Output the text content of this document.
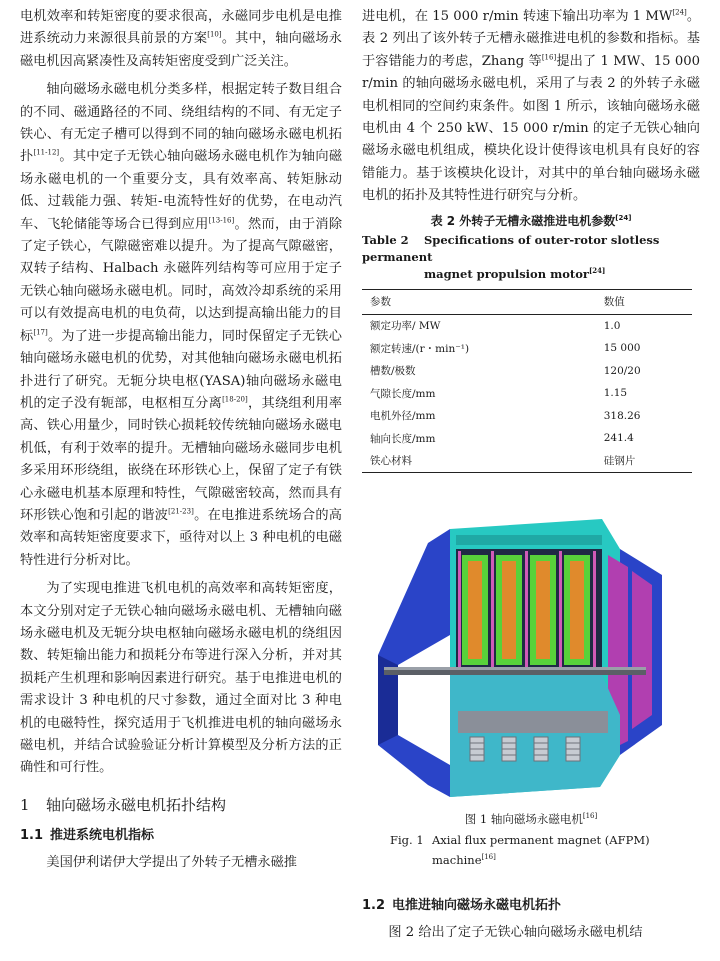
电机效率和转矩密度的要求很高，永磁同步电机是电推进系统动力来源很具前景的方案[10]。其中，轴向磁场永磁电机因高紧凑性及高转矩密度受到广泛关注。

轴向磁场永磁电机分类多样，根据定转子数目组合的不同、磁通路径的不同、绕组结构的不同、有无定子铁心、有无定子槽可以得到不同的轴向磁场永磁电机拓扑[11-12]。其中定子无铁心轴向磁场永磁电机作为轴向磁场永磁电机的一个重要分支，具有效率高、转矩脉动低、过载能力强、转矩-电流特性好的优势，在电动汽车、飞轮储能等场合已得到应用[13-16]。然而，由于消除了定子铁心，气隙磁密难以提升。为了提高气隙磁密，双转子结构、Halbach 永磁阵列结构等可应用于定子无铁心轴向磁场永磁电机。同时，高效冷却系统的采用可以有效提高电机的电负荷，以达到提高输出能力的目标[17]。为了进一步提高输出能力，同时保留定子无铁心轴向磁场永磁电机的优势，对其他轴向磁场永磁电机拓扑进行了研究。无轭分块电枢(YASA)轴向磁场永磁电机的定子没有轭部，电枢相互分离[18-20]，其绕组利用率高、铁心用量少，同时铁心损耗较传统轴向磁场永磁电机低，有利于效率的提升。无槽轴向磁场永磁同步电机多采用环形绕组，嵌绕在环形铁心上，保留了定子有铁心永磁电机基本原理和特性，气隙磁密较高，然而具有环形铁心饱和引起的谐波[21-23]。在电推进系统场合的高效率和高转矩密度要求下，亟待对以上 3 种电机的电磁特性进行分析对比。

为了实现电推进飞机电机的高效率和高转矩密度，本文分别对定子无铁心轴向磁场永磁电机、无槽轴向磁场永磁电机及无轭分块电枢轴向磁场永磁电机的绕组因数、转矩输出能力和损耗分布等进行深入分析，并对其损耗产生机理和影响因素进行研究。基于电推进电机的需求设计 3 种电机的尺寸参数，通过全面对比 3 种电机的电磁特性，探究适用于飞机推进电机的轴向磁场永磁电机，并结合试验验证分析计算模型及分析方法的正确性和可行性。

1 轴向磁场永磁电机拓扑结构
1.1 推进系统电机指标

美国伊利诺伊大学提出了外转子无槽永磁推

进电机，在 15 000 r/min 转速下输出功率为 1 MW[24]。表 2 列出了该外转子无槽永磁推进电机的参数和指标。基于容错能力的考虑，Zhang 等[16]提出了 1 MW、15 000 r/min 的轴向磁场永磁电机，采用了与表 2 的外转子永磁电机相同的空间约束条件。如图 1 所示，该轴向磁场永磁电机由 4 个 250 kW、15 000 r/min 的定子无铁心轴向磁场永磁电机组成，模块化设计使得该电机具有良好的容错能力。基于该模块化设计，对其中的单台轴向磁场永磁电机的拓扑及其特性进行研究与分析。

表 2 外转子无槽永磁推进电机参数[24]
Table 2 Specifications of outer-rotor slotless permanent
magnet propulsion motor[24]
参数	数值
额定功率/ MW	1.0
额定转速/(r・min⁻¹)	15 000
槽数/极数	120/20
气隙长度/mm	1.15
电机外径/mm	318.26
轴向长度/mm	241.4
铁心材料	硅钢片
图 1 轴向磁场永磁电机[16]
Fig. 1 Axial flux permanent magnet (AFPM)
machine[16]
1.2 电推进轴向磁场永磁电机拓扑

图 2 给出了定子无铁心轴向磁场永磁电机结
